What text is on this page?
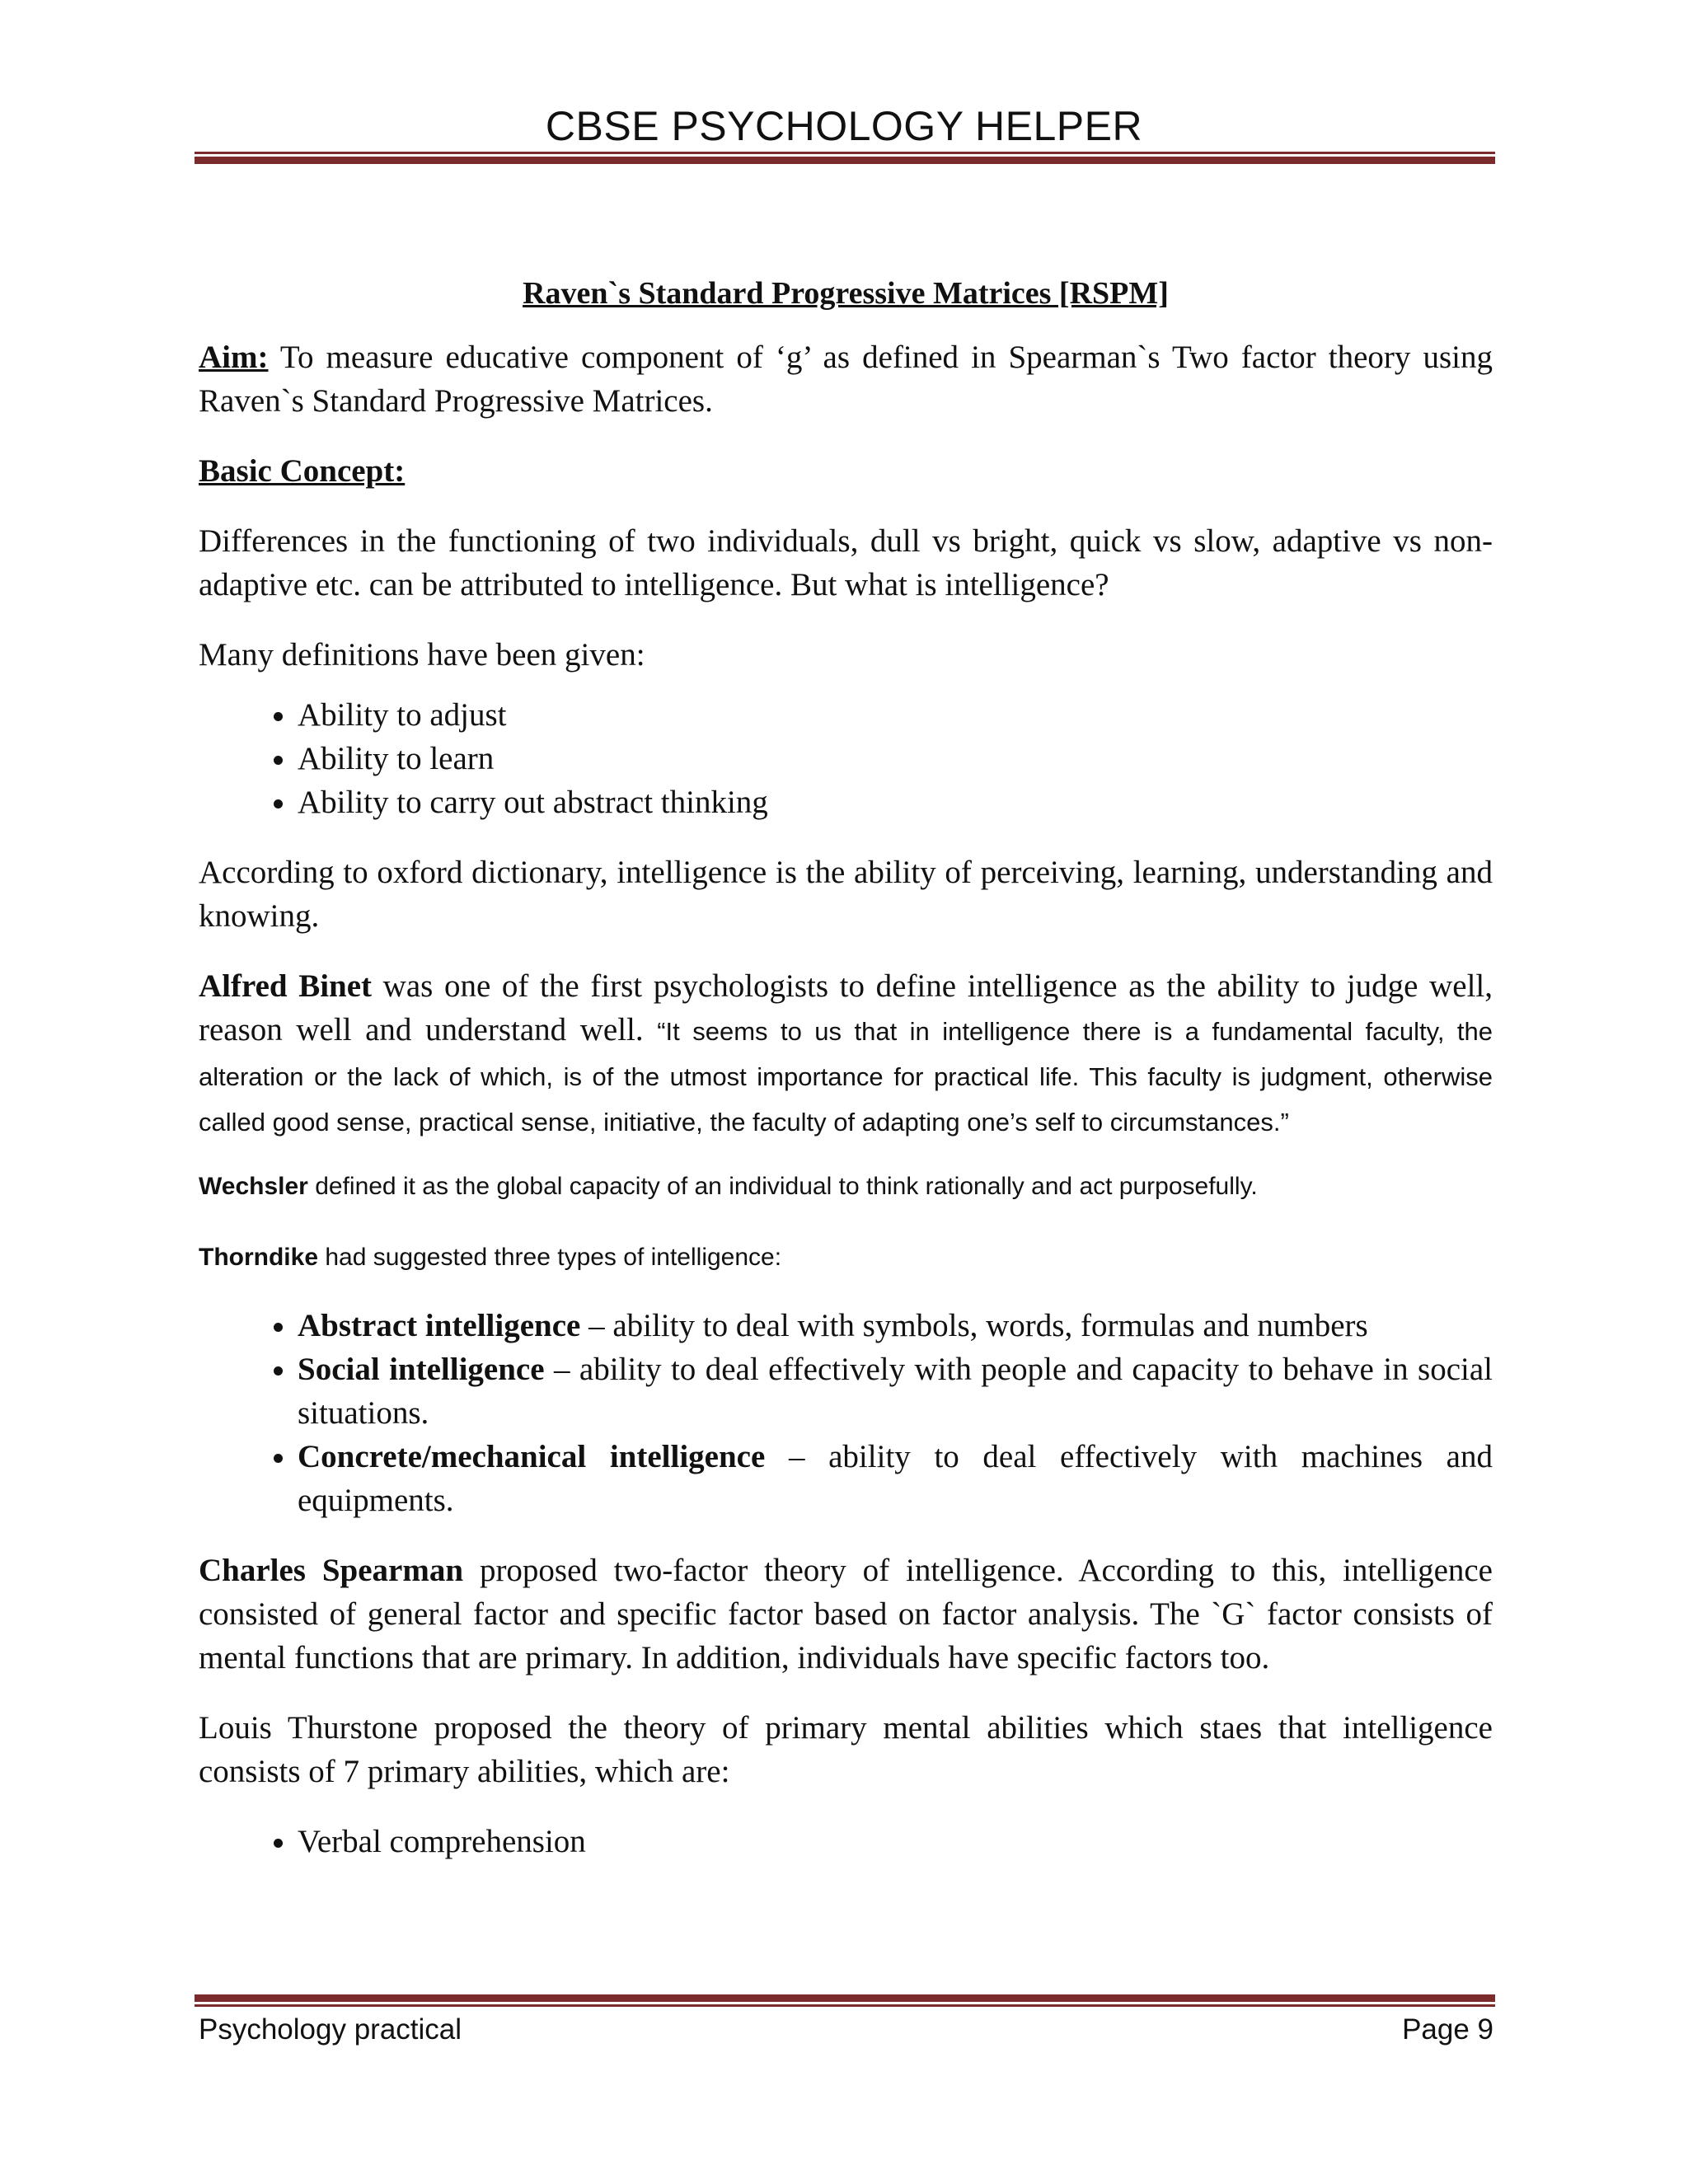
CBSE PSYCHOLOGY HELPER
Raven`s Standard Progressive Matrices [RSPM]

Aim: To measure educative component of ‘g’ as defined in Spearman`s Two factor theory using Raven`s Standard Progressive Matrices.

Basic Concept:

Differences in the functioning of two individuals, dull vs bright, quick vs slow, adaptive vs non-adaptive etc. can be attributed to intelligence. But what is intelligence?

Many definitions have been given:

• Ability to adjust
• Ability to learn
• Ability to carry out abstract thinking

According to oxford dictionary, intelligence is the ability of perceiving, learning, understanding and knowing.

Alfred Binet was one of the first psychologists to define intelligence as the ability to judge well, reason well and understand well. “It seems to us that in intelligence there is a fundamental faculty, the alteration or the lack of which, is of the utmost importance for practical life. This faculty is judgment, otherwise called good sense, practical sense, initiative, the faculty of adapting one’s self to circumstances.”

Wechsler defined it as the global capacity of an individual to think rationally and act purposefully.

Thorndike had suggested three types of intelligence:

• Abstract intelligence – ability to deal with symbols, words, formulas and numbers
• Social intelligence – ability to deal effectively with people and capacity to behave in social situations.
• Concrete/mechanical intelligence – ability to deal effectively with machines and equipments.

Charles Spearman proposed two-factor theory of intelligence. According to this, intelligence consisted of general factor and specific factor based on factor analysis. The `G` factor consists of mental functions that are primary. In addition, individuals have specific factors too.

Louis Thurstone proposed the theory of primary mental abilities which staes that intelligence consists of 7 primary abilities, which are:

• Verbal comprehension
Psychology practical	Page 9
